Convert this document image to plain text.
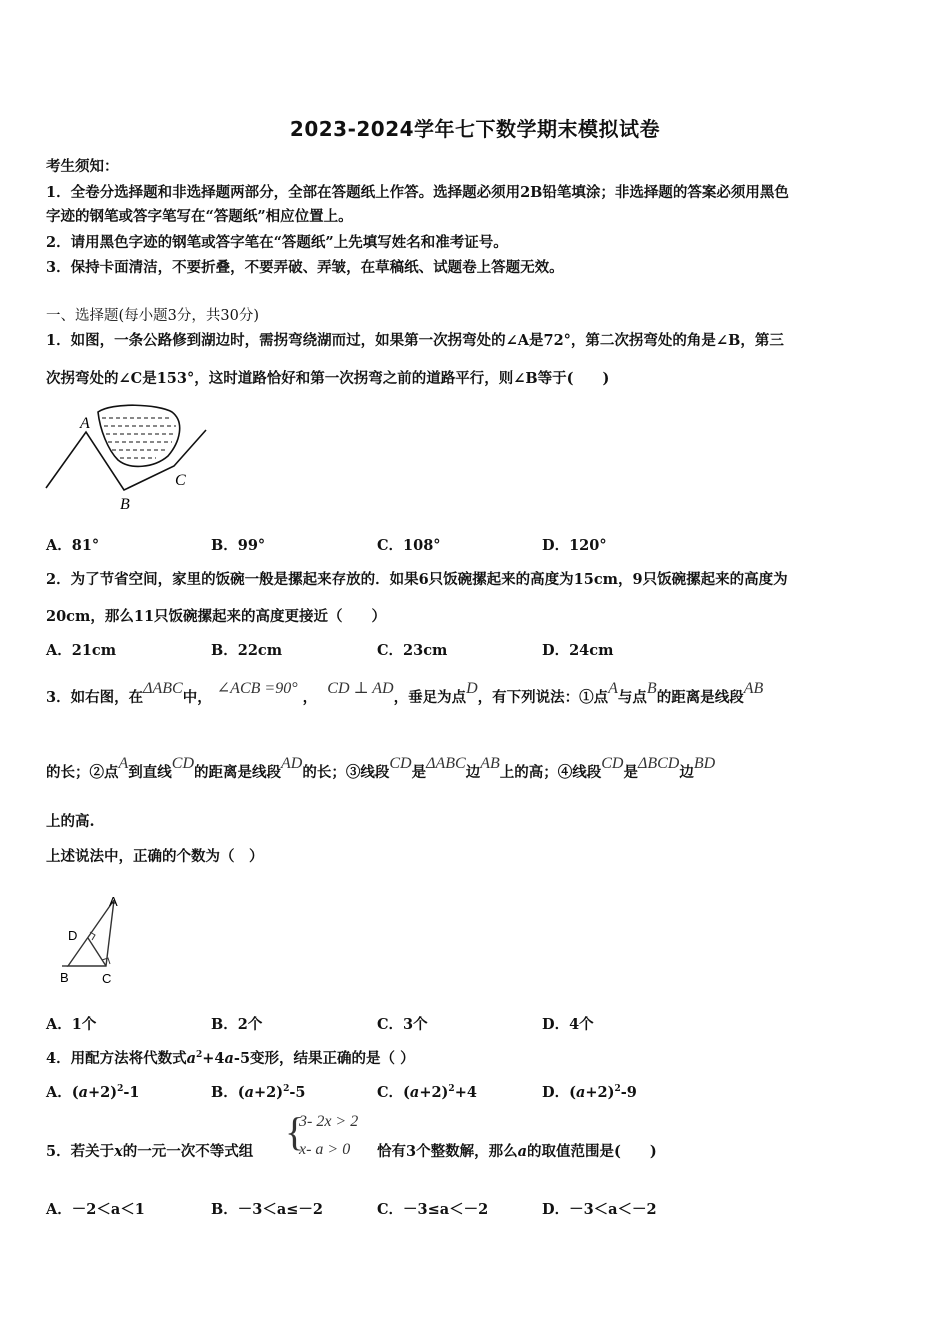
2023-2024学年七下数学期末模拟试卷
考生须知：
1．全卷分选择题和非选择题两部分，全部在答题纸上作答。选择题必须用2B铅笔填涂；非选择题的答案必须用黑色
字迹的钢笔或答字笔写在“答题纸”相应位置上。
2．请用黑色字迹的钢笔或答字笔在“答题纸”上先填写姓名和准考证号。
3．保持卡面清洁，不要折叠，不要弄破、弄皱，在草稿纸、试题卷上答题无效。
一、选择题(每小题3分，共30分)
1．如图，一条公路修到湖边时，需拐弯绕湖而过，如果第一次拐弯处的∠A是72°，第二次拐弯处的角是∠B，第三
次拐弯处的∠C是153°，这时道路恰好和第一次拐弯之前的道路平行，则∠B等于(　　)
A
B
C
A．81°	B．99°	C．108°	D．120°
2．为了节省空间，家里的饭碗一般是摞起来存放的．如果6只饭碗摞起来的高度为15cm，9只饭碗摞起来的高度为
20cm，那么11只饭碗摞起来的高度更接近（　　）
A．21cm	B．22cm	C．23cm	D．24cm
3．如右图，在ΔABC中， ∠ACB =90° ，  CD ⊥ AD，垂足为点D，有下列说法：①点A与点B的距离是线段AB
的长；②点A到直线CD的距离是线段AD的长；③线段CD是ΔABC边AB上的高；④线段CD是ΔBCD边BD
上的高.
上述说法中，正确的个数为（　）
A
D
B	C
A．1个	B．2个	C．3个	D．4个
4．用配方法将代数式$a^2+4a-5$变形，结果正确的是（ ）
A．$(a+2)^2-1$	B．$(a+2)^2-5$	C．$(a+2)^2+4$	D．$(a+2)^2-9$
5．若关于x的一元一次不等式组 {
3- 2x > 2
x- a > 0 恰有3个整数解，那么a的取值范围是(　　)
A．－2＜a＜1	B．－3＜a≤－2	C．－3≤a＜－2	D．－3＜a＜－2
